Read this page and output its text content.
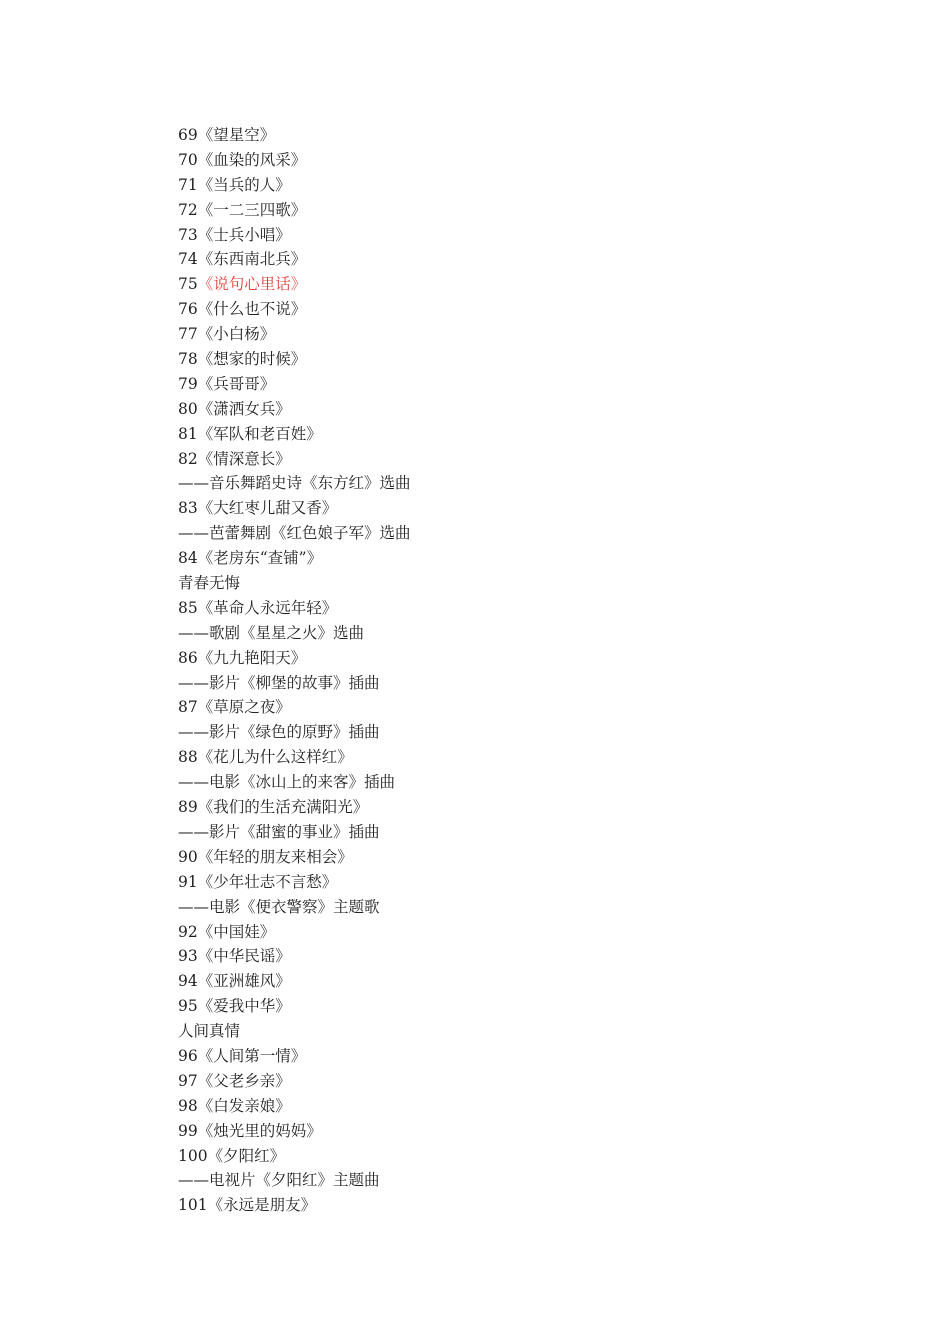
69《望星空》
70《血染的风采》
71《当兵的人》
72《一二三四歌》
73《士兵小唱》
74《东西南北兵》
75《说句心里话》
76《什么也不说》
77《小白杨》
78《想家的时候》
79《兵哥哥》
80《潇洒女兵》
81《军队和老百姓》
82《情深意长》
——音乐舞蹈史诗《东方红》选曲
83《大红枣儿甜又香》
——芭蕾舞剧《红色娘子军》选曲
84《老房东“查铺”》
青春无悔
85《革命人永远年轻》
——歌剧《星星之火》选曲
86《九九艳阳天》
——影片《柳堡的故事》插曲
87《草原之夜》
——影片《绿色的原野》插曲
88《花儿为什么这样红》
——电影《冰山上的来客》插曲
89《我们的生活充满阳光》
——影片《甜蜜的事业》插曲
90《年轻的朋友来相会》
91《少年壮志不言愁》
——电影《便衣警察》主题歌
92《中国娃》
93《中华民谣》
94《亚洲雄风》
95《爱我中华》
人间真情
96《人间第一情》
97《父老乡亲》
98《白发亲娘》
99《烛光里的妈妈》
100《夕阳红》
——电视片《夕阳红》主题曲
101《永远是朋友》
